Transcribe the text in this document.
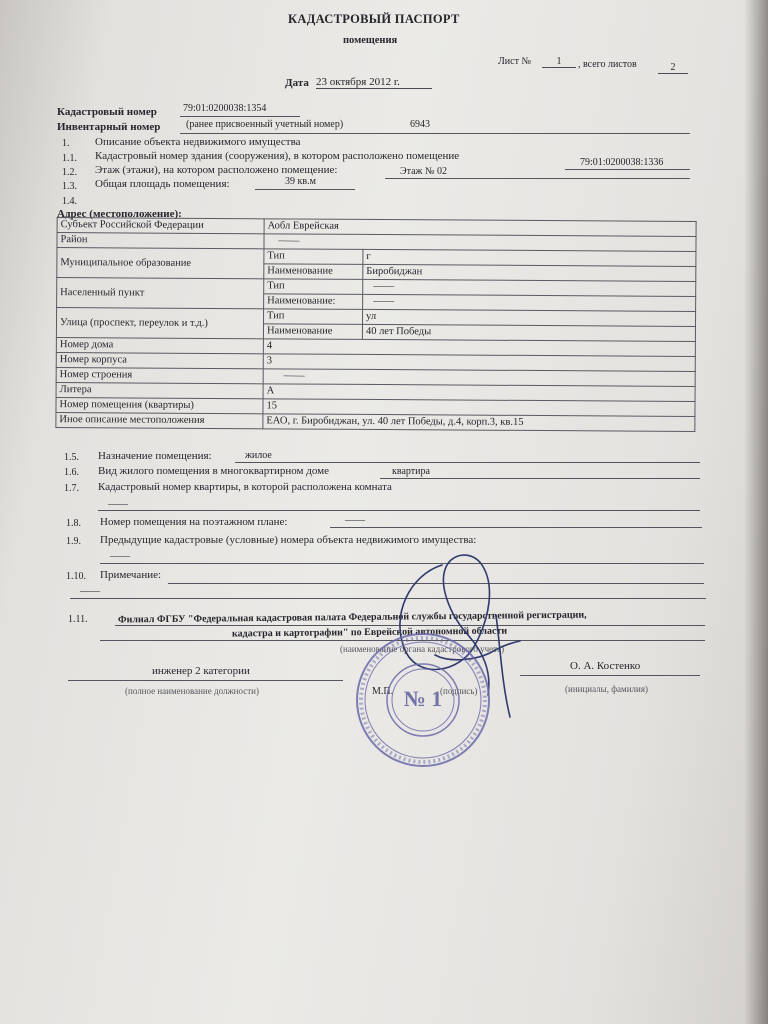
КАДАСТРОВЫЙ ПАСПОРТ
помещения
Лист №	1	, всего листов	2
Дата 23 октября 2012 г.
Кадастровый номер	79:01:0200038:1354
Инвентарный номер	(ранее присвоенный учетный номер)	6943
1. Описание объекта недвижимого имущества
1.1. Кадастровый номер здания (сооружения), в котором расположено помещение
79:01:0200038:1336
1.2. Этаж (этажи), на котором расположено помещение:	Этаж № 02
1.3. Общая площадь помещения:	39 кв.м
1.4.
Адрес (местоположение):
Субъект Российской Федерации	Аобл Еврейская	
Район	——	
Муниципальное образование	Тип	г
	Наименование	Биробиджан
Населенный пункт	Тип	——
	Наименование:	——
Улица (проспект, переулок и т.д.)	Тип	ул
	Наименование	40 лет Победы
Номер дома	4	
Номер корпуса	3	
Номер строения	——	
Литера	А	
Номер помещения (квартиры)	15	
Иное описание местоположения	ЕАО, г. Биробиджан, ул. 40 лет Победы, д.4, корп.3, кв.15	
1.5. Назначение помещения:	жилое
1.6. Вид жилого помещения в многоквартирном доме	квартира
1.7. Кадастровый номер квартиры, в которой расположена комната
——
1.8. Номер помещения на поэтажном плане:	——
1.9. Предыдущие кадастровые (условные) номера объекта недвижимого имущества:
——
1.10. Примечание:
——
1.11.	Филиал ФГБУ "Федеральная кадастровая палата Федеральной службы государственной регистрации,
кадастра и картографии" по Еврейской автономной области
(наименование органа кадастрового учета)
инженер 2 категории
(полное наименование должности)	М.П.	(подпись)
О. А. Костенко
(инициалы, фамилия)
№ 1
